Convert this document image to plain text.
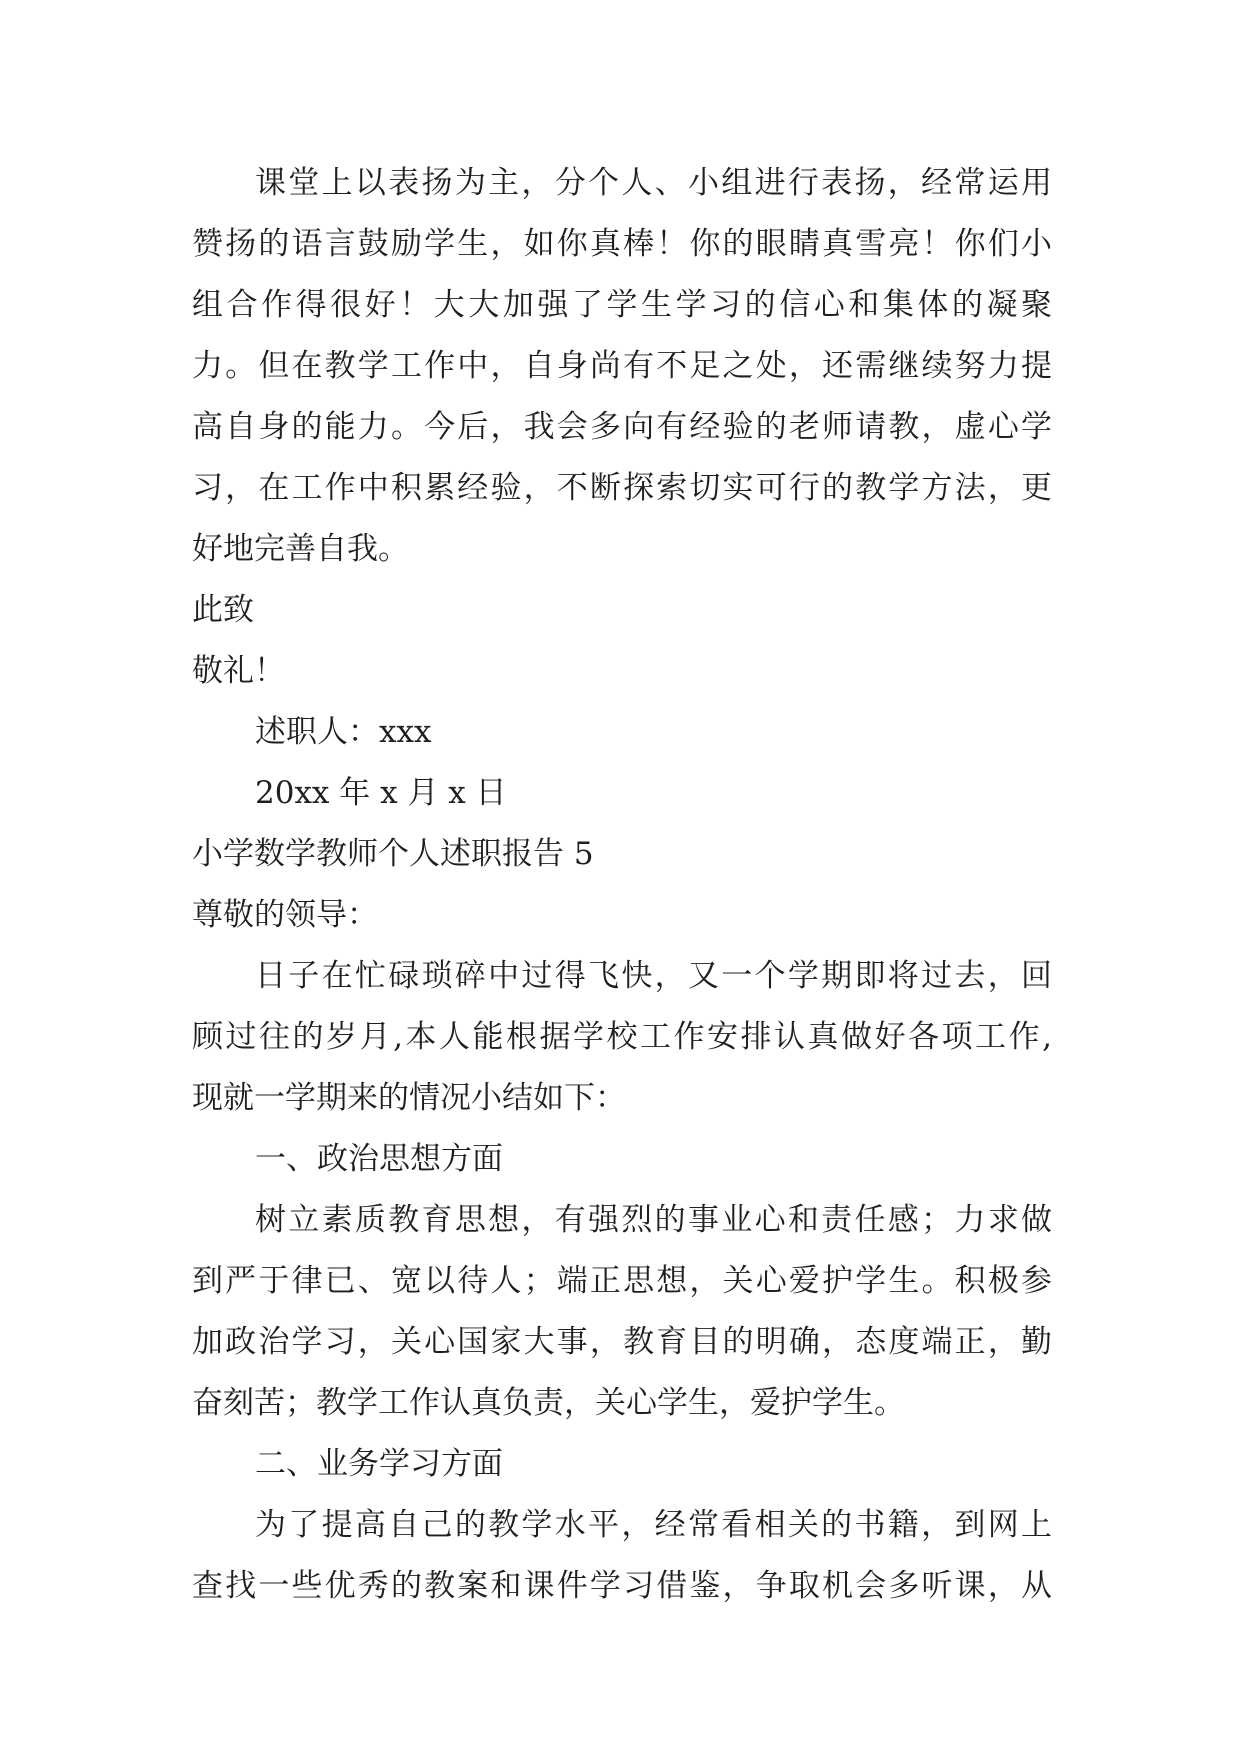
课堂上以表扬为主，分个人、小组进行表扬，经常运用
赞扬的语言鼓励学生，如你真棒！你的眼睛真雪亮！你们小
组合作得很好！大大加强了学生学习的信心和集体的凝聚
力。但在教学工作中，自身尚有不足之处，还需继续努力提
高自身的能力。今后，我会多向有经验的老师请教，虚心学
习，在工作中积累经验，不断探索切实可行的教学方法，更
好地完善自我。
此致
敬礼！
述职人：xxx
20xx 年 x 月 x 日
小学数学教师个人述职报告 5
尊敬的领导：
日子在忙碌琐碎中过得飞快，又一个学期即将过去，回
顾过往的岁月,本人能根据学校工作安排认真做好各项工作,
现就一学期来的情况小结如下：
一、政治思想方面
树立素质教育思想，有强烈的事业心和责任感；力求做
到严于律已、宽以待人；端正思想，关心爱护学生。积极参
加政治学习，关心国家大事，教育目的明确，态度端正，勤
奋刻苦；教学工作认真负责，关心学生，爱护学生。
二、业务学习方面
为了提高自己的教学水平，经常看相关的书籍，到网上
查找一些优秀的教案和课件学习借鉴，争取机会多听课，从
